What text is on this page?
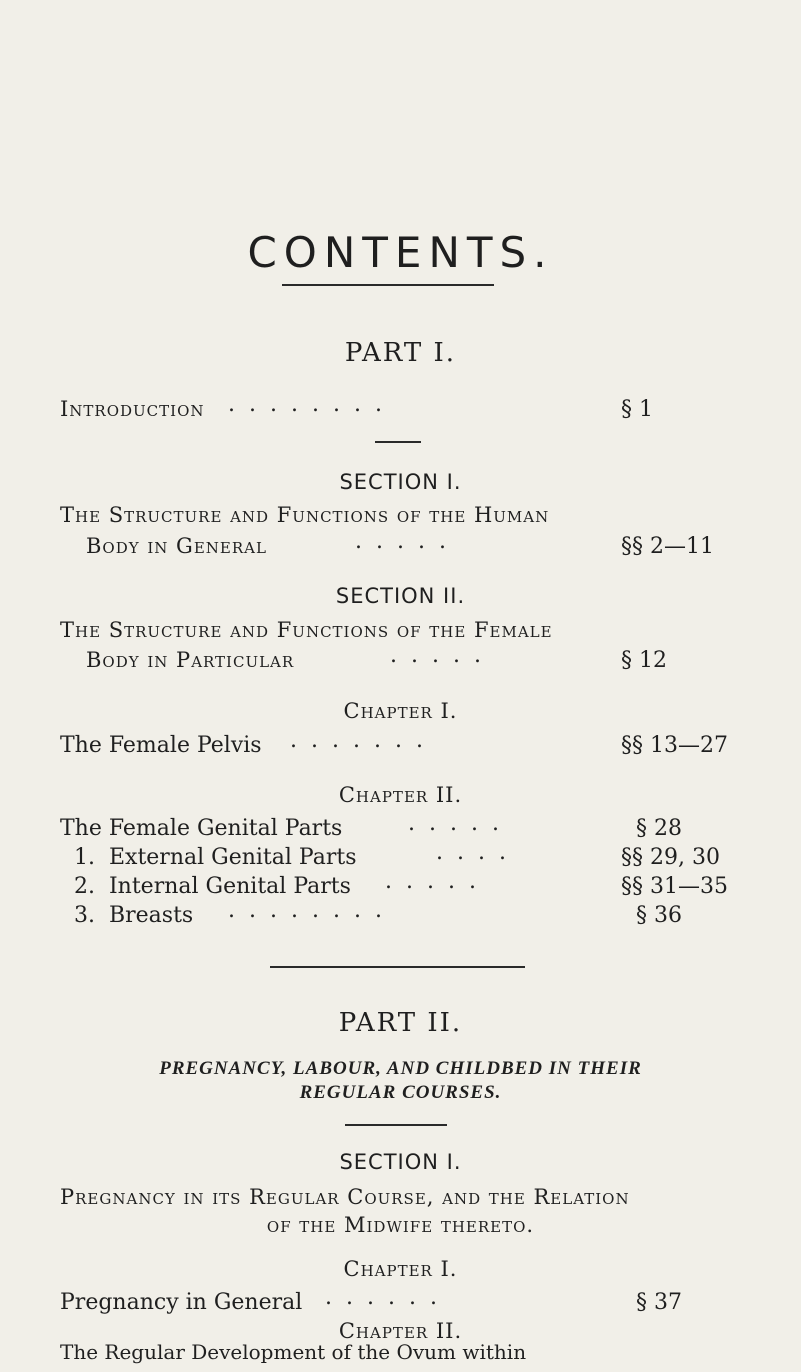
CONTENTS.
PART I.
Introduction ........	§ 1
SECTION I.
The Structure and Functions of the Human
Body in General	.....	§§ 2—11
SECTION II.
The Structure and Functions of the Female
Body in Particular	.....	§ 12
Chapter I.
The Female Pelvis .......	§§ 13—27
Chapter II.
The Female Genital Parts	.....	§ 28
1.  External Genital Parts	....	§§ 29, 30
2.  Internal Genital Parts .....	§§ 31—35
3.  Breasts ........	§ 36
PART II.
PREGNANCY, LABOUR, AND CHILDBED IN THEIR
REGULAR COURSES.
SECTION I.
Pregnancy in its Regular Course, and the Relation
of the Midwife thereto.
Chapter I.
Pregnancy in General ......	§ 37
Chapter II.
The Regular Development of the Ovum within
